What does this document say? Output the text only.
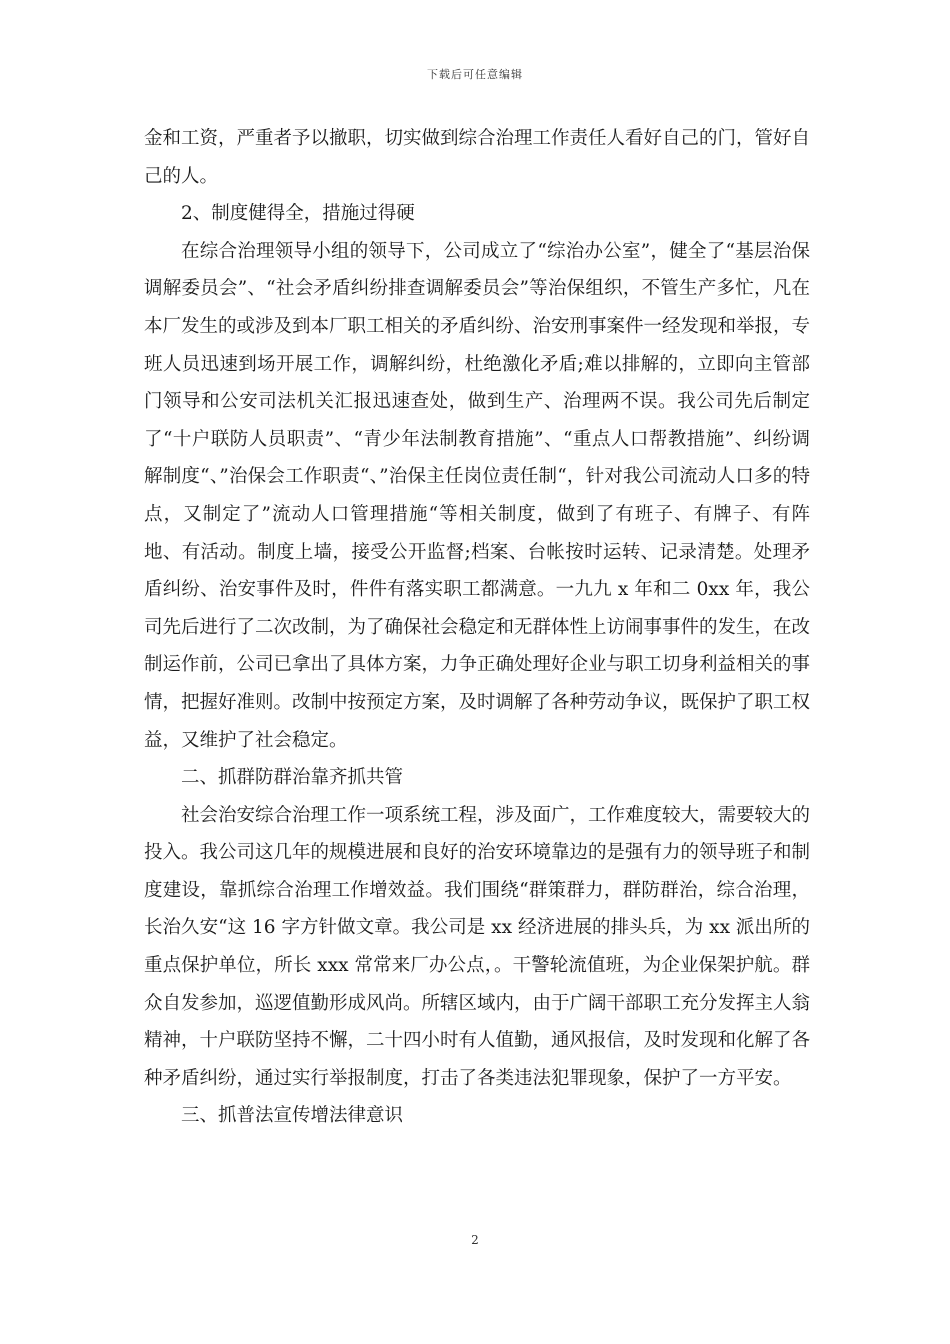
下载后可任意编辑

金和工资，严重者予以撤职，切实做到综合治理工作责任人看好自己的门，管好自己的人。

2、制度健得全，措施过得硬

在综合治理领导小组的领导下，公司成立了“综治办公室”，健全了“基层治保调解委员会”、“社会矛盾纠纷排查调解委员会”等治保组织，不管生产多忙，凡在本厂发生的或涉及到本厂职工相关的矛盾纠纷、治安刑事案件一经发现和举报，专班人员迅速到场开展工作，调解纠纷，杜绝激化矛盾;难以排解的，立即向主管部门领导和公安司法机关汇报迅速查处，做到生产、治理两不误。我公司先后制定了“十户联防人员职责”、“青少年法制教育措施”、“重点人口帮教措施”、纠纷调解制度“、”治保会工作职责“、”治保主任岗位责任制“，针对我公司流动人口多的特点，又制定了”流动人口管理措施“等相关制度，做到了有班子、有牌子、有阵地、有活动。制度上墙，接受公开监督;档案、台帐按时运转、记录清楚。处理矛盾纠纷、治安事件及时，件件有落实职工都满意。一九九 x 年和二 0xx 年，我公司先后进行了二次改制，为了确保社会稳定和无群体性上访闹事事件的发生，在改制运作前，公司已拿出了具体方案，力争正确处理好企业与职工切身利益相关的事情，把握好准则。改制中按预定方案，及时调解了各种劳动争议，既保护了职工权益，又维护了社会稳定。

二、抓群防群治靠齐抓共管

社会治安综合治理工作一项系统工程，涉及面广，工作难度较大，需要较大的投入。我公司这几年的规模进展和良好的治安环境靠边的是强有力的领导班子和制度建设，靠抓综合治理工作增效益。我们围绕“群策群力，群防群治，综合治理，长治久安“这 16 字方针做文章。我公司是 xx 经济进展的排头兵，为 xx 派出所的重点保护单位，所长 xxx 常常来厂办公点，。干警轮流值班，为企业保架护航。群众自发参加，巡逻值勤形成风尚。所辖区域内，由于广阔干部职工充分发挥主人翁精神，十户联防坚持不懈，二十四小时有人值勤，通风报信，及时发现和化解了各种矛盾纠纷，通过实行举报制度，打击了各类违法犯罪现象，保护了一方平安。

三、抓普法宣传增法律意识

2
